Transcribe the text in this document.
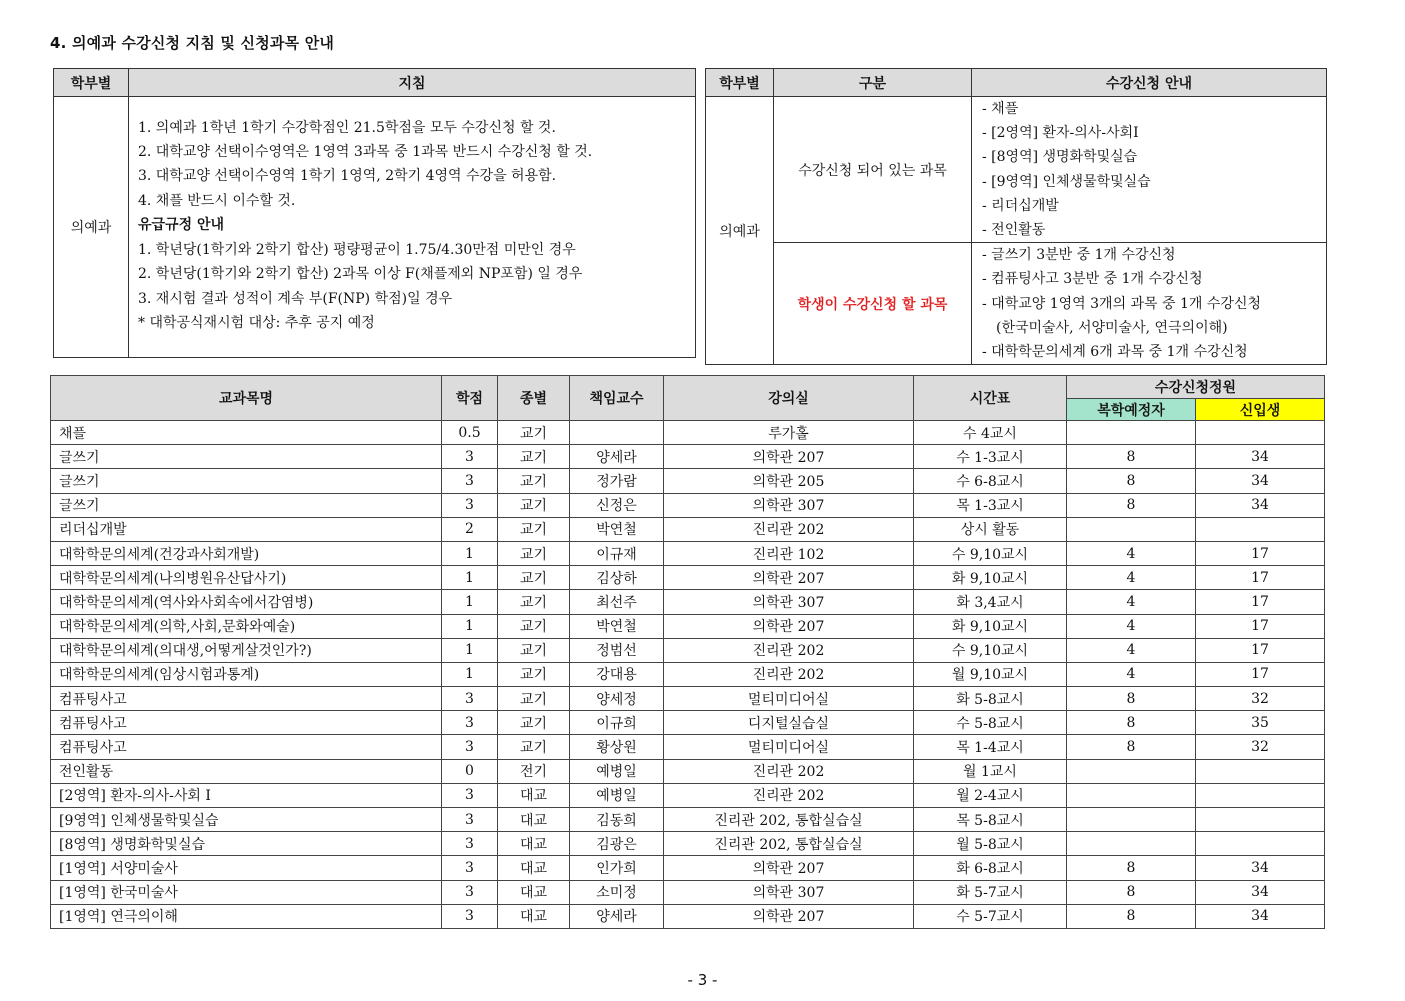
4. 의예과 수강신청 지침 및 신청과목 안내
학부별	지침
의예과	
1. 의예과 1학년 1학기 수강학점인 21.5학점을 모두 수강신청 할 것.
2. 대학교양 선택이수영역은 1영역 3과목 중 1과목 반드시 수강신청 할 것.
3. 대학교양 선택이수영역 1학기 1영역, 2학기 4영역 수강을 허용함.
4. 채플 반드시 이수할 것.
유급규정 안내
1. 학년당(1학기와 2학기 합산) 평량평균이 1.75/4.30만점 미만인 경우
2. 학년당(1학기와 2학기 합산) 2과목 이상 F(채플제외 NP포함) 일 경우
3. 재시험 결과 성적이 계속 부(F(NP) 학점)일 경우
* 대학공식재시험 대상: 추후 공지 예정
학부별	구분	수강신청 안내
의예과	수강신청 되어 있는 과목	
- 채플
- [2영역] 환자-의사-사회I
- [8영역] 생명화학및실습
- [9영역] 인체생물학및실습
- 리더십개발
- 전인활동

	학생이 수강신청 할 과목	- 글쓰기 3분반 중 1개 수강신청
- 컴퓨팅사고 3분반 중 1개 수강신청
- 대학교양 1영역 3개의 과목 중 1개 수강신청
(한국미술사, 서양미술사, 연극의이해)
- 대학학문의세계 6개 과목 중 1개 수강신청
교과목명	학점	종별	책임교수	강의실	시간표	수강신청정원	
						복학예정자	신입생
채플	0.5	교기		루가홀	수 4교시		
글쓰기	3	교기	양세라	의학관 207	수 1-3교시	8	34
글쓰기	3	교기	정가람	의학관 205	수 6-8교시	8	34
글쓰기	3	교기	신정은	의학관 307	목 1-3교시	8	34
리더십개발	2	교기	박연철	진리관 202	상시 활동		
대학학문의세계(건강과사회개발)	1	교기	이규재	진리관 102	수 9,10교시	4	17
대학학문의세계(나의병원유산답사기)	1	교기	김상하	의학관 207	화 9,10교시	4	17
대학학문의세계(역사와사회속에서감염병)	1	교기	최선주	의학관 307	화 3,4교시	4	17
대학학문의세계(의학,사회,문화와예술)	1	교기	박연철	의학관 207	화 9,10교시	4	17
대학학문의세계(의대생,어떻게살것인가?)	1	교기	정범선	진리관 202	수 9,10교시	4	17
대학학문의세계(임상시험과통계)	1	교기	강대용	진리관 202	월 9,10교시	4	17
컴퓨팅사고	3	교기	양세정	멀티미디어실	화 5-8교시	8	32
컴퓨팅사고	3	교기	이규희	디지털실습실	수 5-8교시	8	35
컴퓨팅사고	3	교기	황상원	멀티미디어실	목 1-4교시	8	32
전인활동	0	전기	예병일	진리관 202	월 1교시		
[2영역] 환자-의사-사회 I	3	대교	예병일	진리관 202	월 2-4교시		
[9영역] 인체생물학및실습	3	대교	김동희	진리관 202, 통합실습실	목 5-8교시		
[8영역] 생명화학및실습	3	대교	김광은	진리관 202, 통합실습실	월 5-8교시		
[1영역] 서양미술사	3	대교	인가희	의학관 207	화 6-8교시	8	34
[1영역] 한국미술사	3	대교	소미정	의학관 307	화 5-7교시	8	34
[1영역] 연극의이해	3	대교	양세라	의학관 207	수 5-7교시	8	34
- 3 -
